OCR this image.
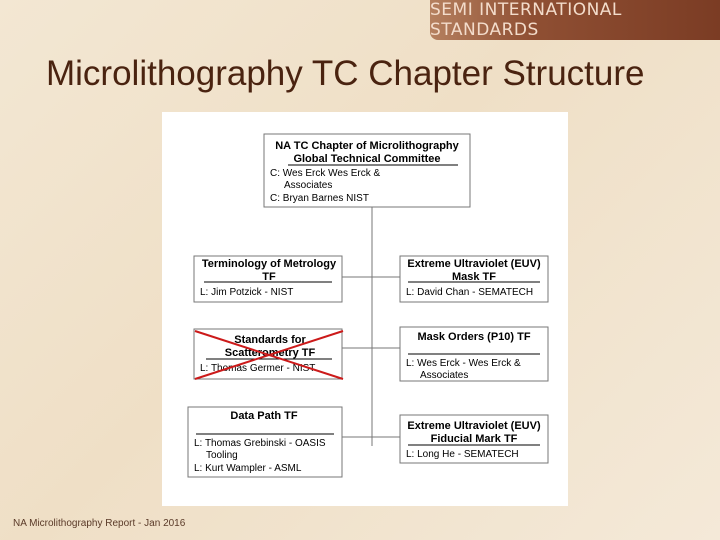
SEMI INTERNATIONAL STANDARDS
Microlithography TC Chapter Structure
NA TC Chapter of Microlithography
Global Technical Committee
C: Wes Erck Wes Erck &
Associates
C: Bryan Barnes NIST
Terminology of Metrology
TF
L: Jim Potzick - NIST
Extreme Ultraviolet (EUV)
Mask TF
L: David Chan - SEMATECH
Standards for
Scatterometry TF
L: Thomas Germer - NIST
Mask Orders (P10) TF
L: Wes Erck - Wes Erck &
Associates
Data Path TF
L: Thomas Grebinski - OASIS
Tooling
L: Kurt Wampler - ASML
Extreme Ultraviolet (EUV)
Fiducial Mark TF
L: Long He - SEMATECH
NA Microlithography Report - Jan 2016
